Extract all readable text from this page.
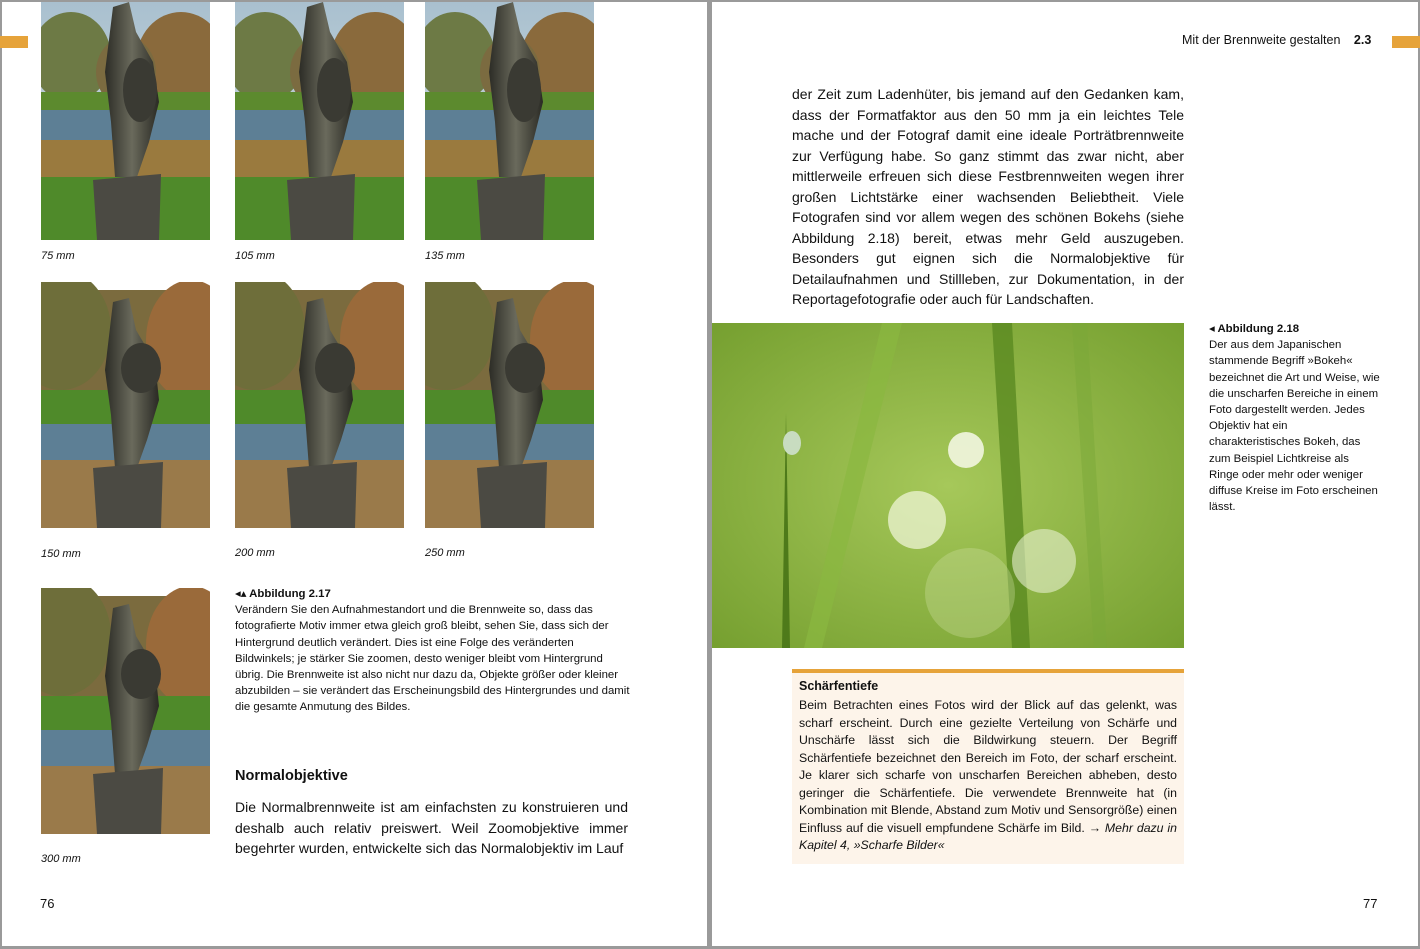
75 mm	105 mm	135 mm
150 mm	200 mm	250 mm
300 mm
◂▴ Abbildung 2.17
Verändern Sie den Aufnahmestandort und die Brennweite so, dass das fotografierte Motiv immer etwa gleich groß bleibt, sehen Sie, dass sich der Hintergrund deutlich verändert. Dies ist eine Folge des veränderten Bildwinkels; je stärker Sie zoomen, desto weniger bleibt vom Hintergrund übrig. Die Brennweite ist also nicht nur dazu da, Objekte größer oder kleiner abzubilden – sie verändert das Erscheinungsbild des Hintergrundes und damit die gesamte Anmutung des Bildes.
Normalobjektive
Die Normalbrennweite ist am einfachsten zu konstruieren und deshalb auch relativ preiswert. Weil Zoomobjektive immer begehrter wurden, entwickelte sich das Normalobjektiv im Lauf
76
Mit der Brennweite gestalten 2.3
der Zeit zum Ladenhüter, bis jemand auf den Gedanken kam, dass der Formatfaktor aus den 50 mm ja ein leichtes Tele mache und der Fotograf damit eine ideale Porträtbrennweite zur Verfügung habe. So ganz stimmt das zwar nicht, aber mittlerweile erfreuen sich diese Festbrennweiten wegen ihrer großen Lichtstärke einer wachsenden Beliebtheit. Viele Fotografen sind vor allem wegen des schönen Bokehs (siehe Abbildung 2.18) bereit, etwas mehr Geld auszugeben. Besonders gut eignen sich die Normalobjektive für Detailaufnahmen und Stillleben, zur Dokumentation, in der Reportagefotografie oder auch für Landschaften.
◂ Abbildung 2.18
Der aus dem Japanischen stammende Begriff »Bokeh« bezeichnet die Art und Weise, wie die unscharfen Bereiche in einem Foto dargestellt werden. Jedes Objektiv hat ein charakteristisches Bokeh, das zum Beispiel Lichtkreise als Ringe oder mehr oder weniger diffuse Kreise im Foto erscheinen lässt.
Schärfentiefe
Beim Betrachten eines Fotos wird der Blick auf das gelenkt, was scharf erscheint. Durch eine gezielte Verteilung von Schärfe und Unschärfe lässt sich die Bildwirkung steuern. Der Begriff Schärfentiefe bezeichnet den Bereich im Foto, der scharf erscheint. Je klarer sich scharfe von unscharfen Bereichen abheben, desto geringer die Schärfentiefe. Die verwendete Brennweite hat (in Kombination mit Blende, Abstand zum Motiv und Sensorgröße) einen Einfluss auf die visuell empfundene Schärfe im Bild. → Mehr dazu in Kapitel 4, »Scharfe Bilder«
77
